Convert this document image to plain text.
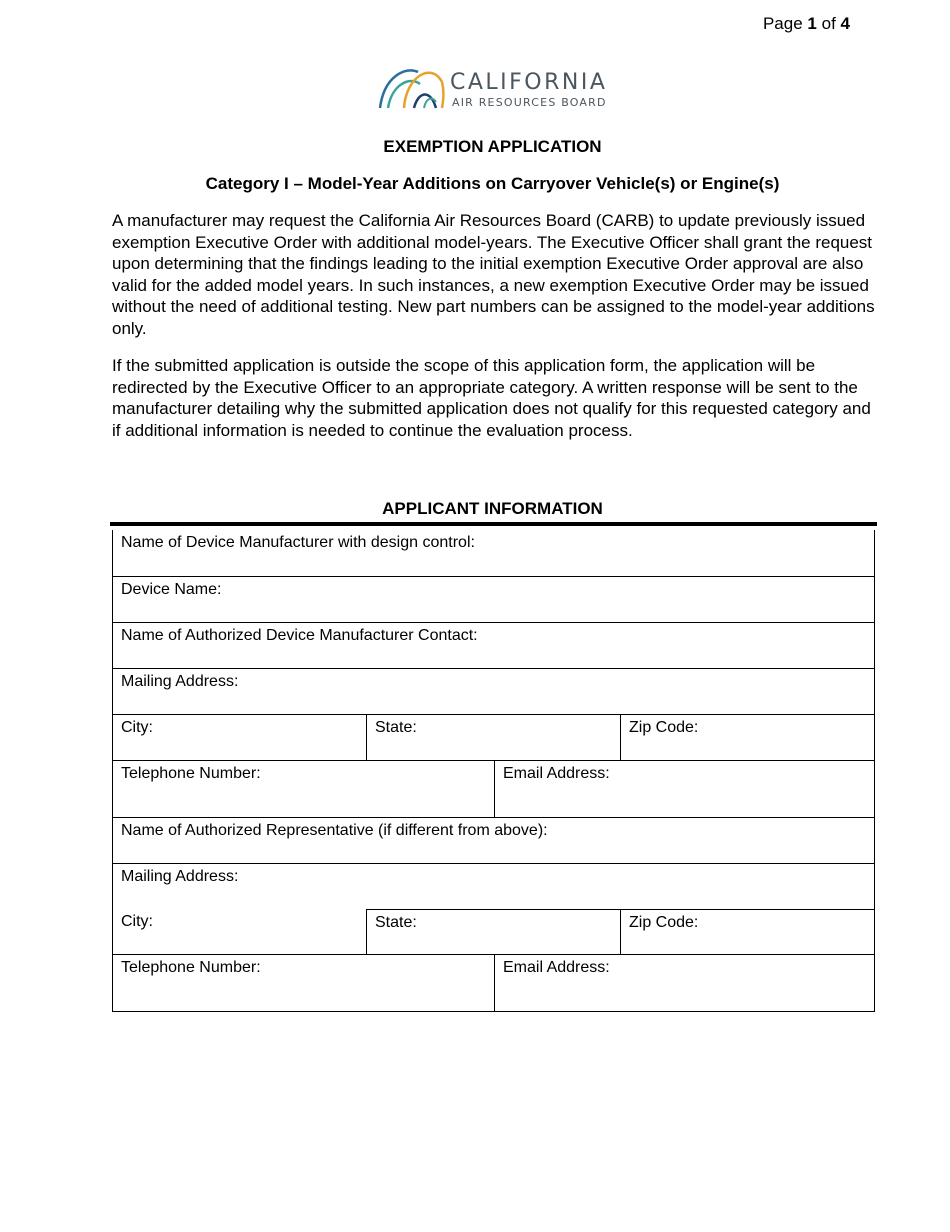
Page 1 of 4
CALIFORNIA
AIR RESOURCES BOARD
EXEMPTION APPLICATION
Category I – Model-Year Additions on Carryover Vehicle(s) or Engine(s)

A manufacturer may request the California Air Resources Board (CARB) to update previously issued exemption Executive Order with additional model-years. The Executive Officer shall grant the request upon determining that the findings leading to the initial exemption Executive Order approval are also valid for the added model years. In such instances, a new exemption Executive Order may be issued without the need of additional testing. New part numbers can be assigned to the model-year additions only.

If the submitted application is outside the scope of this application form, the application will be redirected by the Executive Officer to an appropriate category. A written response will be sent to the manufacturer detailing why the submitted application does not qualify for this requested category and if additional information is needed to continue the evaluation process.

APPLICANT INFORMATION
Name of Device Manufacturer with design control:
Device Name:
Name of Authorized Device Manufacturer Contact:
Mailing Address:
City:	State:	Zip Code:
Telephone Number:	Email Address:
Name of Authorized Representative (if different from above):
Mailing Address:
City:	State:	Zip Code:
Telephone Number:	Email Address:
